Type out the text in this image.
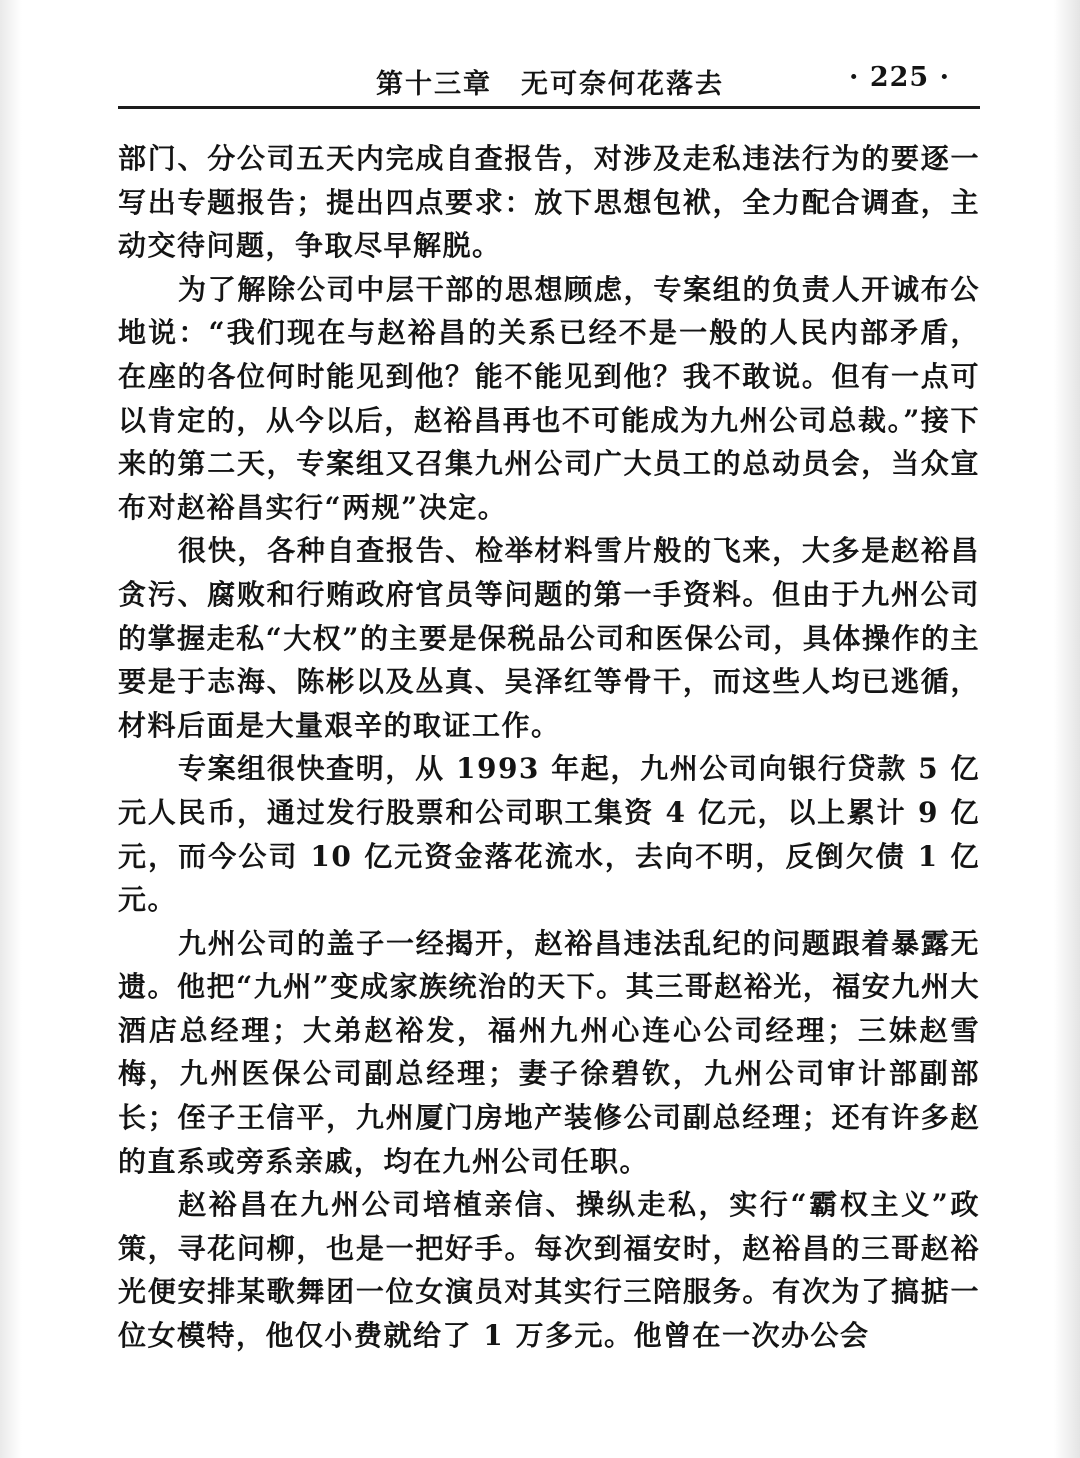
第十三章　无可奈何花落去	· 225 ·

部门、分公司五天内完成自查报告，对涉及走私违法行为的要逐一写出专题报告；提出四点要求：放下思想包袱，全力配合调查，主动交待问题，争取尽早解脱。

为了解除公司中层干部的思想顾虑，专案组的负责人开诚布公地说：“我们现在与赵裕昌的关系已经不是一般的人民内部矛盾，在座的各位何时能见到他？能不能见到他？我不敢说。但有一点可以肯定的，从今以后，赵裕昌再也不可能成为九州公司总裁。”接下来的第二天，专案组又召集九州公司广大员工的总动员会，当众宣布对赵裕昌实行“两规”决定。

很快，各种自查报告、检举材料雪片般的飞来，大多是赵裕昌贪污、腐败和行贿政府官员等问题的第一手资料。但由于九州公司的掌握走私“大权”的主要是保税品公司和医保公司，具体操作的主要是于志海、陈彬以及丛真、吴泽红等骨干，而这些人均已逃循，材料后面是大量艰辛的取证工作。

专案组很快查明，从 1993 年起，九州公司向银行贷款 5 亿元人民币，通过发行股票和公司职工集资 4 亿元，以上累计 9 亿元，而今公司 10 亿元资金落花流水，去向不明，反倒欠债 1 亿元。

九州公司的盖子一经揭开，赵裕昌违法乱纪的问题跟着暴露无遗。他把“九州”变成家族统治的天下。其三哥赵裕光，福安九州大酒店总经理；大弟赵裕发，福州九州心连心公司经理；三妹赵雪梅，九州医保公司副总经理；妻子徐碧钦，九州公司审计部副部长；侄子王信平，九州厦门房地产装修公司副总经理；还有许多赵的直系或旁系亲戚，均在九州公司任职。

赵裕昌在九州公司培植亲信、操纵走私，实行“霸权主义”政策，寻花问柳，也是一把好手。每次到福安时，赵裕昌的三哥赵裕光便安排某歌舞团一位女演员对其实行三陪服务。有次为了搞掂一位女模特，他仅小费就给了 1 万多元。他曾在一次办公会
